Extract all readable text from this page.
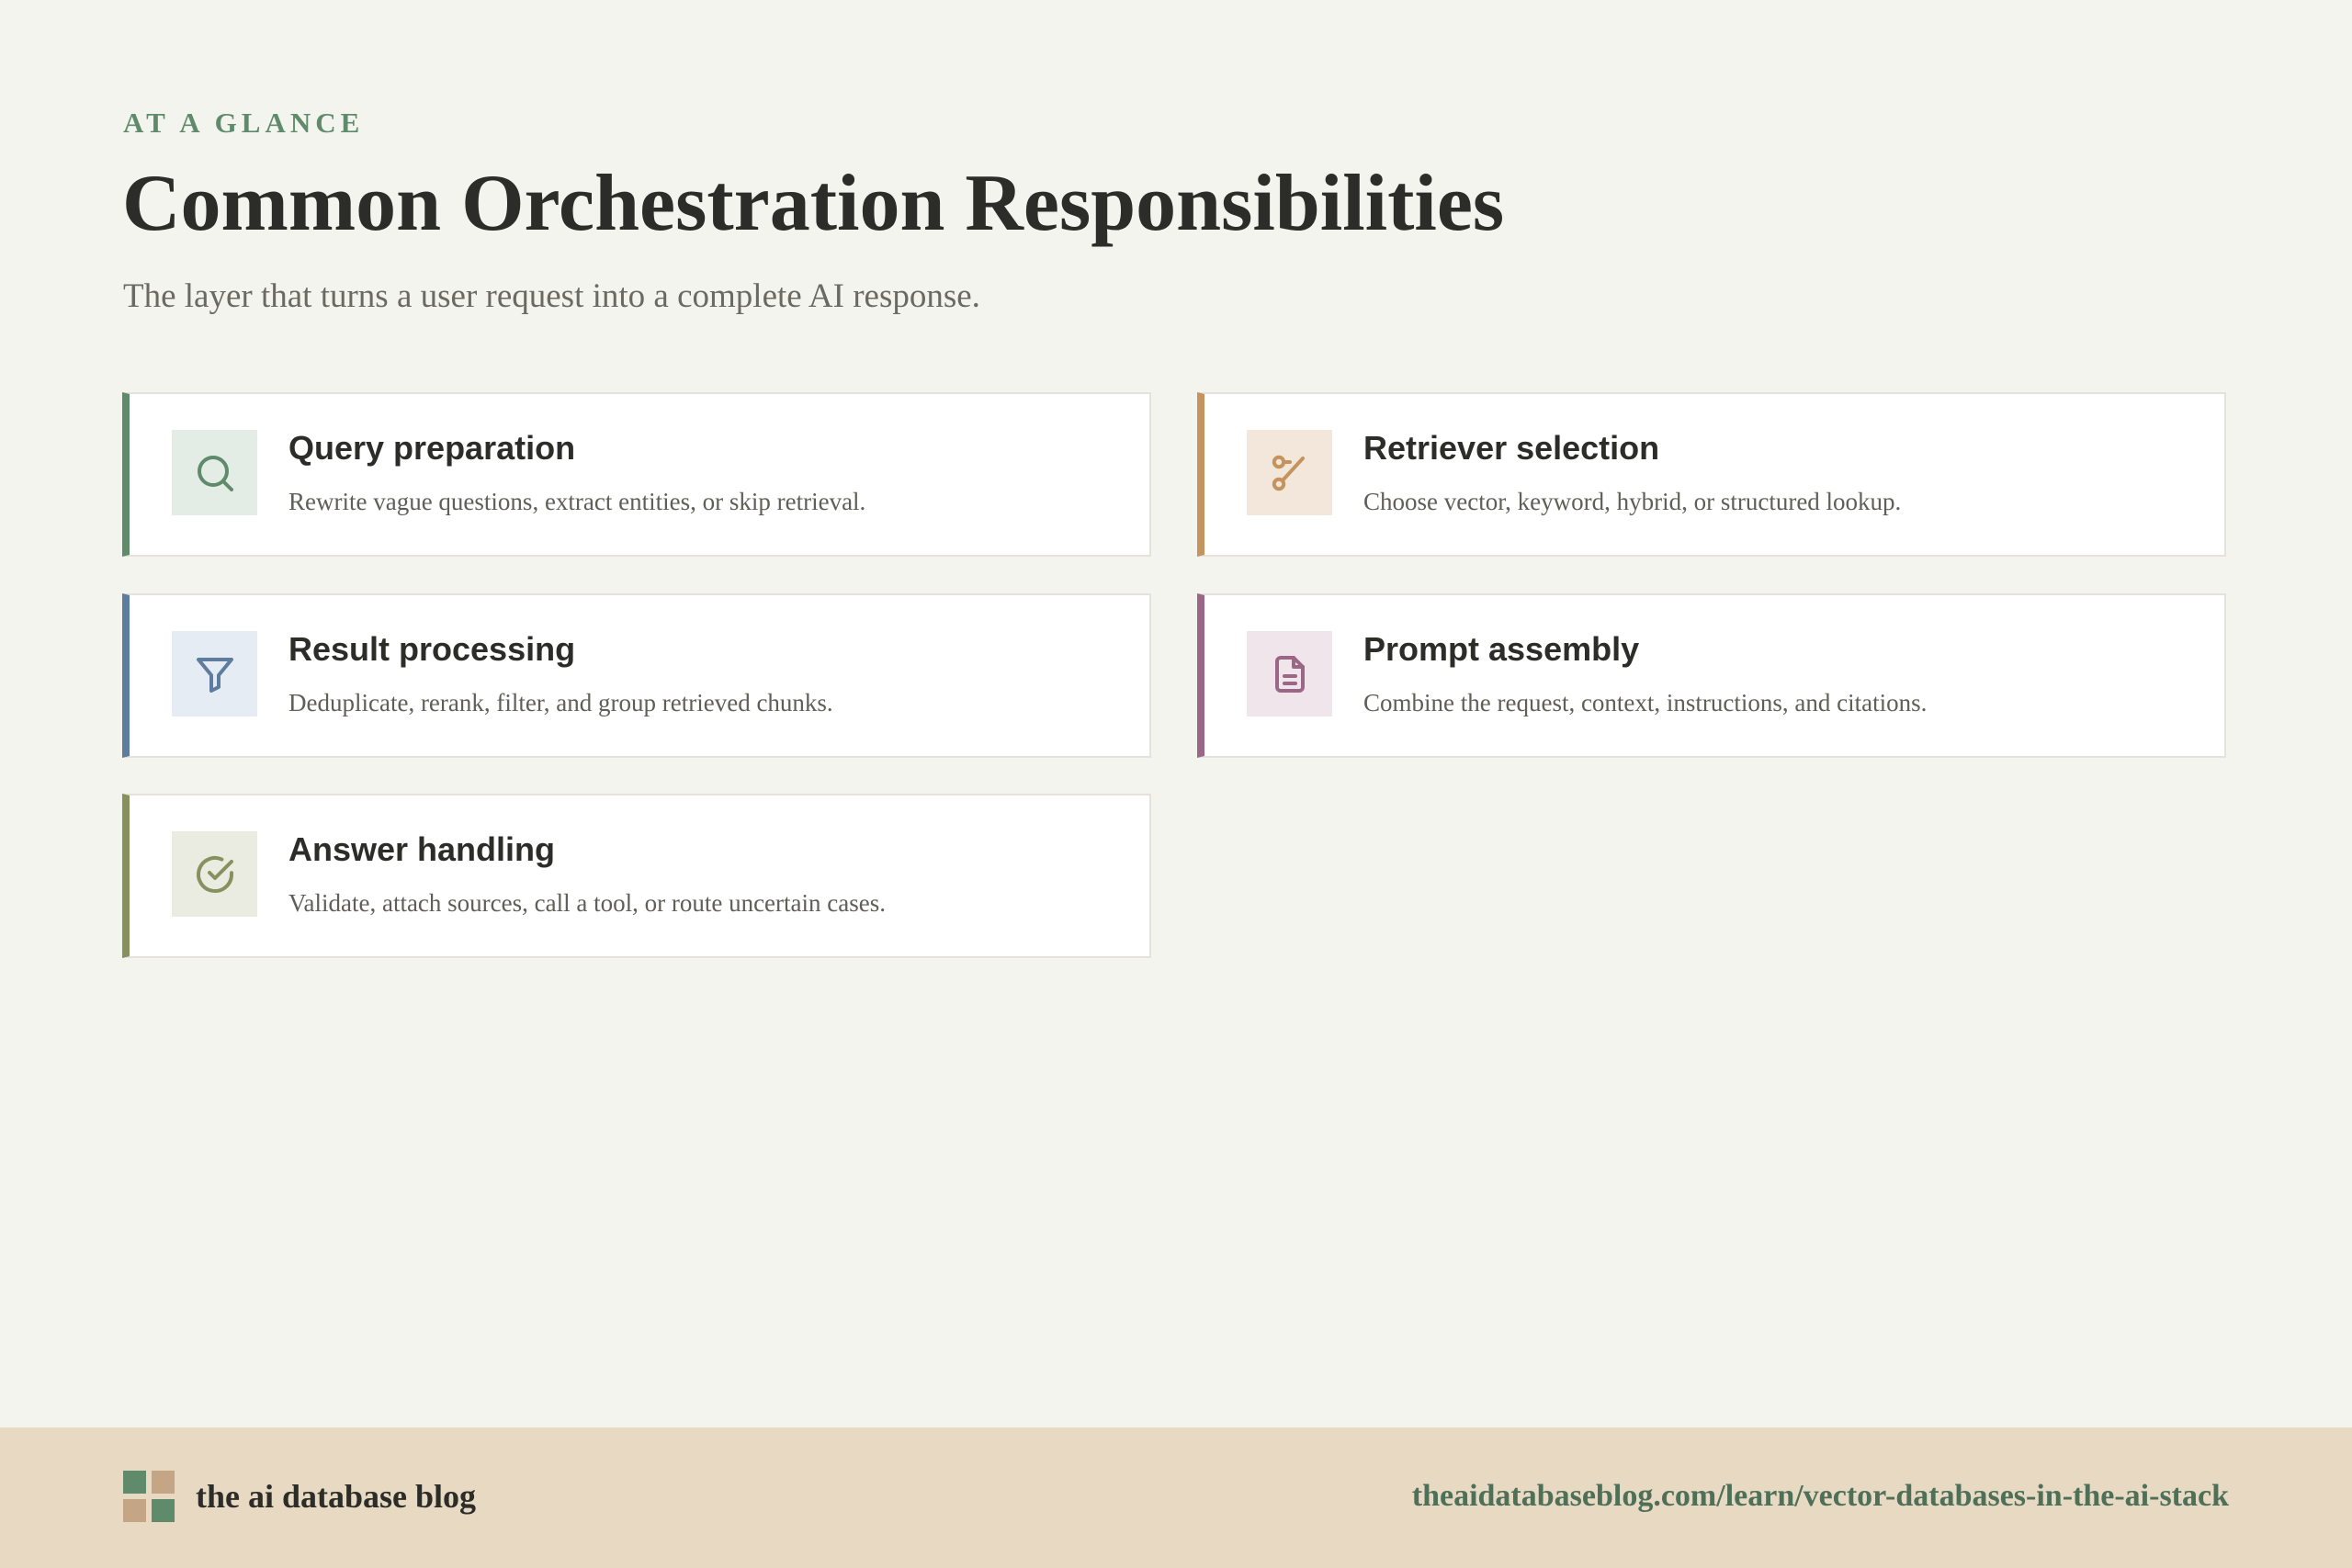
AT A GLANCE

Common Orchestration Responsibilities

The layer that turns a user request into a complete AI response.

Query preparation

Rewrite vague questions, extract entities, or skip retrieval.

Retriever selection

Choose vector, keyword, hybrid, or structured lookup.

Result processing

Deduplicate, rerank, filter, and group retrieved chunks.

Prompt assembly

Combine the request, context, instructions, and citations.

Answer handling

Validate, attach sources, call a tool, or route uncertain cases.

the ai database blog	theaidatabaseblog.com/learn/vector-databases-in-the-ai-stack
